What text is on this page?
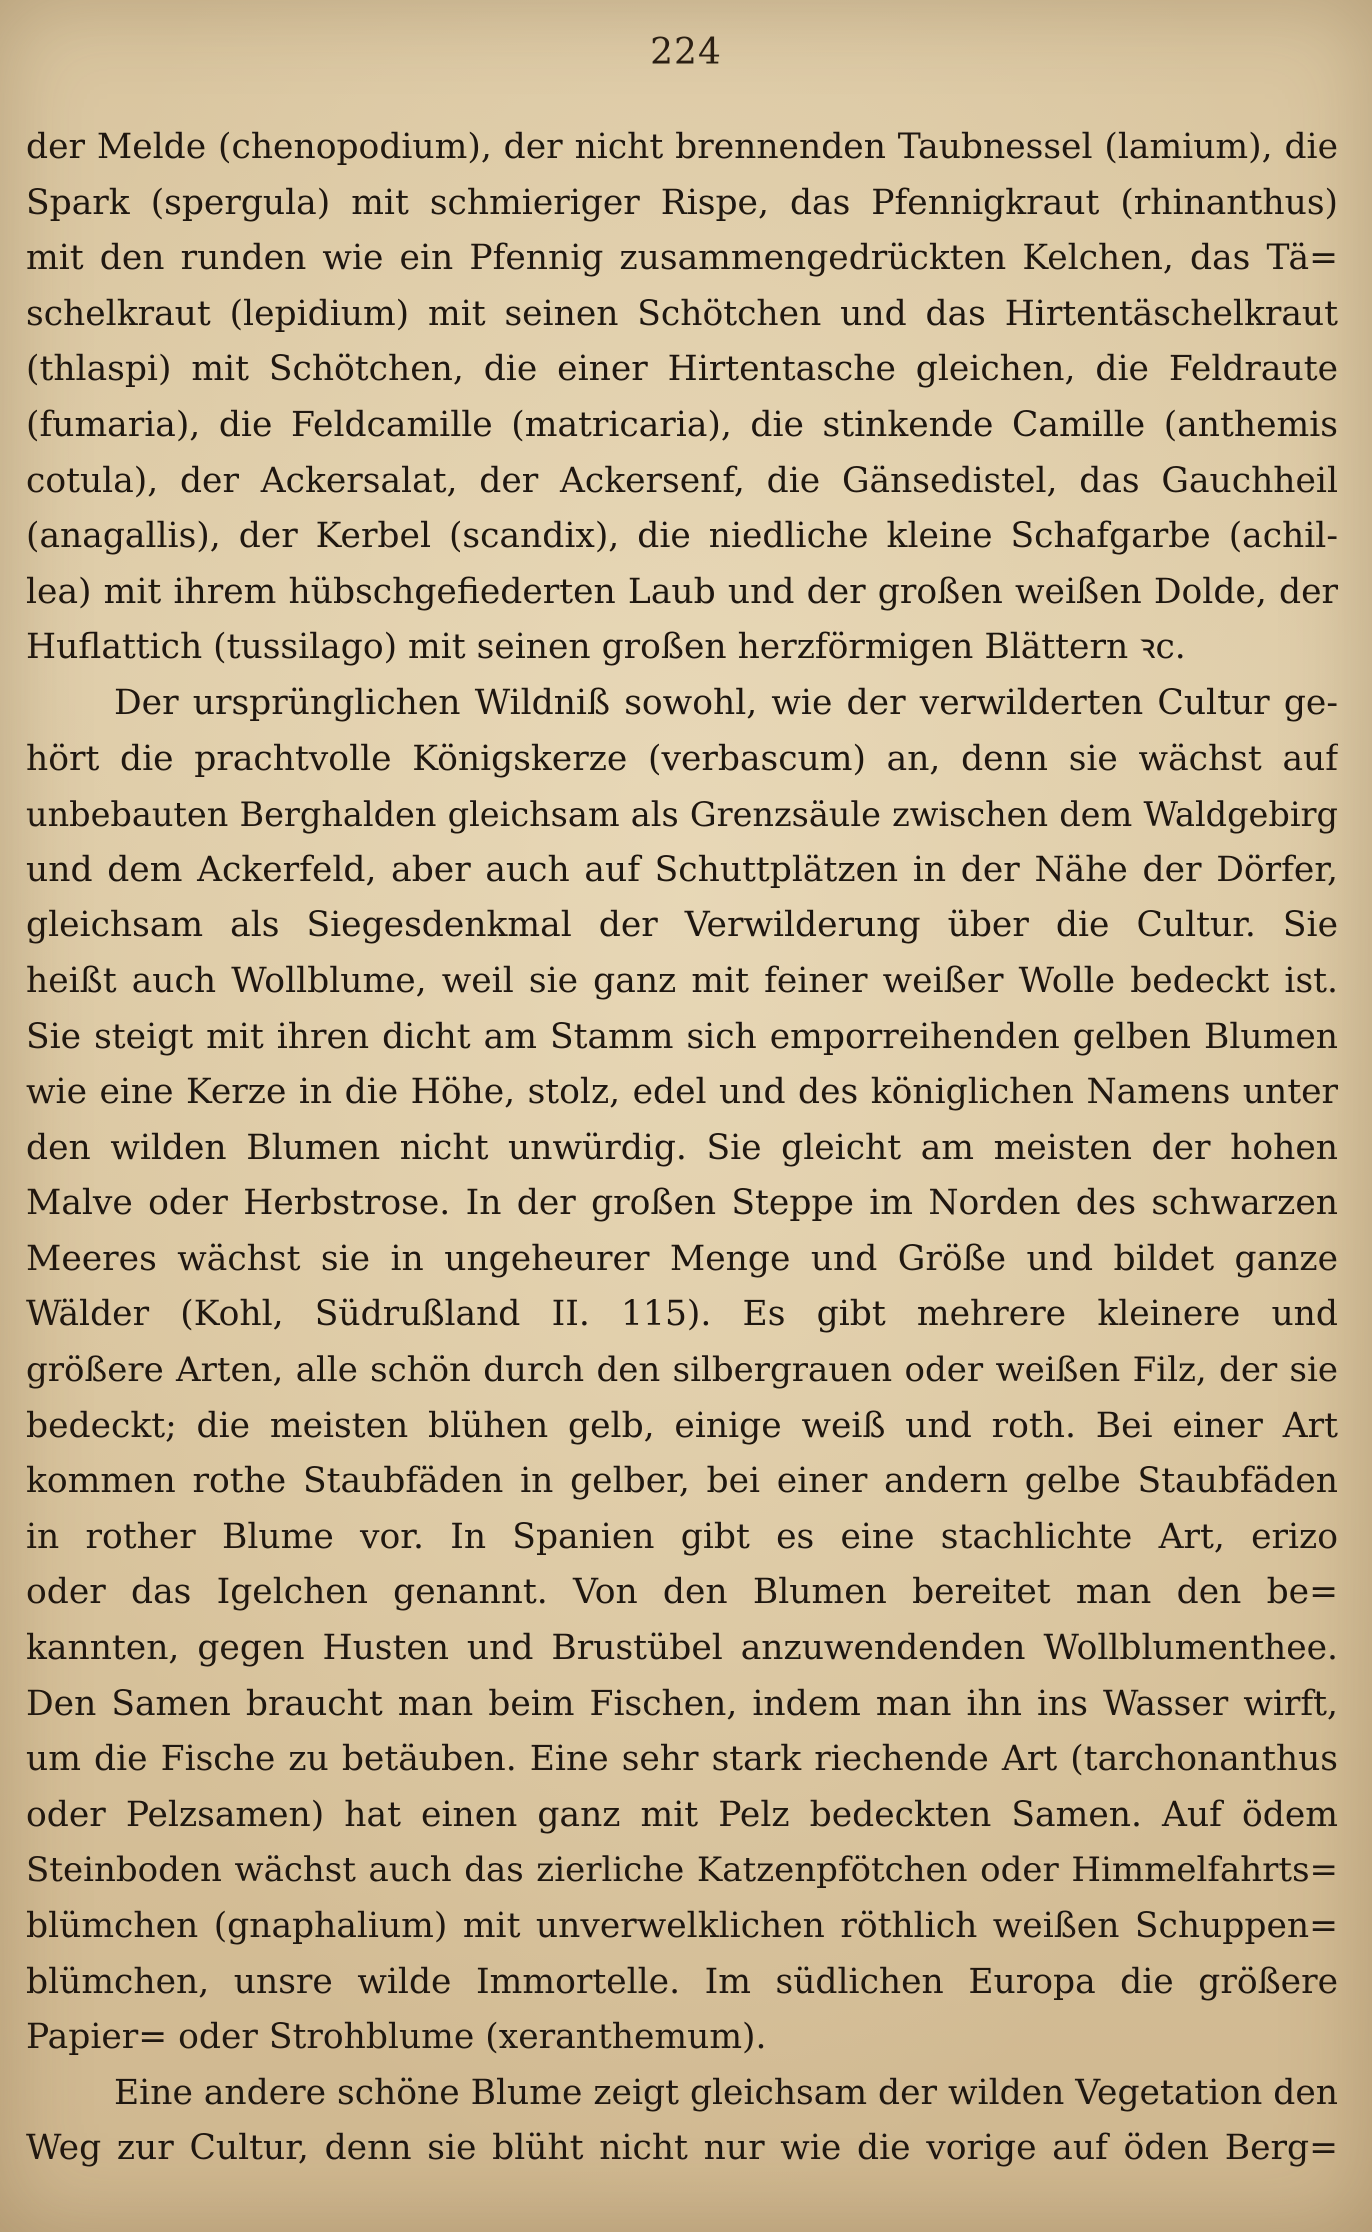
224
der Melde (chenopodium), der nicht brennenden Taubnessel (lamium), die
Spark (spergula) mit schmieriger Rispe, das Pfennigkraut (rhinanthus)
mit den runden wie ein Pfennig zusammengedrückten Kelchen, das Tä=
schelkraut (lepidium) mit seinen Schötchen und das Hirtentäschelkraut
(thlaspi) mit Schötchen, die einer Hirtentasche gleichen, die Feldraute
(fumaria), die Feldcamille (matricaria), die stinkende Camille (anthemis
cotula), der Ackersalat, der Ackersenf, die Gänsedistel, das Gauchheil
(anagallis), der Kerbel (scandix), die niedliche kleine Schafgarbe (achil-
lea) mit ihrem hübschgefiederten Laub und der großen weißen Dolde, der
Huflattich (tussilago) mit seinen großen herzförmigen Blättern ꝛc.
Der ursprünglichen Wildniß sowohl, wie der verwilderten Cultur ge-
hört die prachtvolle Königskerze (verbascum) an, denn sie wächst auf
unbebauten Berghalden gleichsam als Grenzsäule zwischen dem Waldgebirg
und dem Ackerfeld, aber auch auf Schuttplätzen in der Nähe der Dörfer,
gleichsam als Siegesdenkmal der Verwilderung über die Cultur. Sie
heißt auch Wollblume, weil sie ganz mit feiner weißer Wolle bedeckt ist.
Sie steigt mit ihren dicht am Stamm sich emporreihenden gelben Blumen
wie eine Kerze in die Höhe, stolz, edel und des königlichen Namens unter
den wilden Blumen nicht unwürdig. Sie gleicht am meisten der hohen
Malve oder Herbstrose. In der großen Steppe im Norden des schwarzen
Meeres wächst sie in ungeheurer Menge und Größe und bildet ganze
Wälder (Kohl, Südrußland II. 115). Es gibt mehrere kleinere und
größere Arten, alle schön durch den silbergrauen oder weißen Filz, der sie
bedeckt; die meisten blühen gelb, einige weiß und roth. Bei einer Art
kommen rothe Staubfäden in gelber, bei einer andern gelbe Staubfäden
in rother Blume vor. In Spanien gibt es eine stachlichte Art, erizo
oder das Igelchen genannt. Von den Blumen bereitet man den be=
kannten, gegen Husten und Brustübel anzuwendenden Wollblumenthee.
Den Samen braucht man beim Fischen, indem man ihn ins Wasser wirft,
um die Fische zu betäuben. Eine sehr stark riechende Art (tarchonanthus
oder Pelzsamen) hat einen ganz mit Pelz bedeckten Samen. Auf ödem
Steinboden wächst auch das zierliche Katzenpfötchen oder Himmelfahrts=
blümchen (gnaphalium) mit unverwelklichen röthlich weißen Schuppen=
blümchen, unsre wilde Immortelle. Im südlichen Europa die größere
Papier= oder Strohblume (xeranthemum).
Eine andere schöne Blume zeigt gleichsam der wilden Vegetation den
Weg zur Cultur, denn sie blüht nicht nur wie die vorige auf öden Berg=
